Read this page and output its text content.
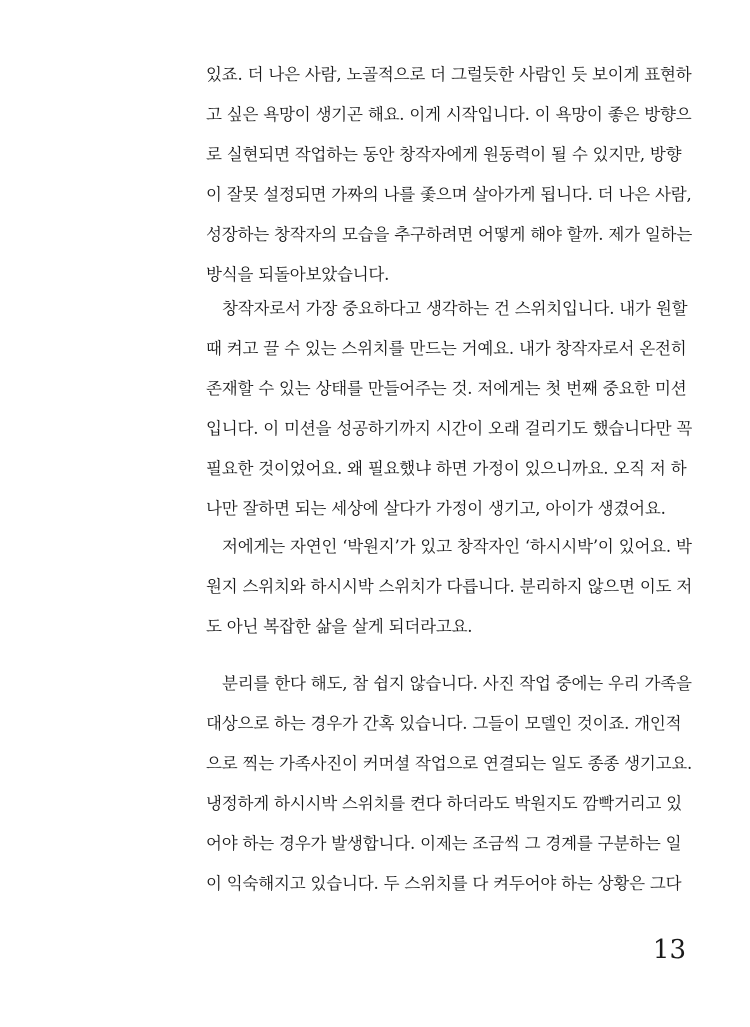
있죠. 더 나은 사람, 노골적으로 더 그럴듯한 사람인 듯 보이게 표현하
고 싶은 욕망이 생기곤 해요. 이게 시작입니다. 이 욕망이 좋은 방향으
로 실현되면 작업하는 동안 창작자에게 원동력이 될 수 있지만, 방향
이 잘못 설정되면 가짜의 나를 좇으며 살아가게 됩니다. 더 나은 사람,
성장하는 창작자의 모습을 추구하려면 어떻게 해야 할까. 제가 일하는
방식을 되돌아보았습니다.
창작자로서 가장 중요하다고 생각하는 건 스위치입니다. 내가 원할
때 켜고 끌 수 있는 스위치를 만드는 거예요. 내가 창작자로서 온전히
존재할 수 있는 상태를 만들어주는 것. 저에게는 첫 번째 중요한 미션
입니다. 이 미션을 성공하기까지 시간이 오래 걸리기도 했습니다만 꼭
필요한 것이었어요. 왜 필요했냐 하면 가정이 있으니까요. 오직 저 하
나만 잘하면 되는 세상에 살다가 가정이 생기고, 아이가 생겼어요.
저에게는 자연인 ‘박원지’가 있고 창작자인 ‘하시시박’이 있어요. 박
원지 스위치와 하시시박 스위치가 다릅니다. 분리하지 않으면 이도 저
도 아닌 복잡한 삶을 살게 되더라고요.
분리를 한다 해도, 참 쉽지 않습니다. 사진 작업 중에는 우리 가족을
대상으로 하는 경우가 간혹 있습니다. 그들이 모델인 것이죠. 개인적
으로 찍는 가족사진이 커머셜 작업으로 연결되는 일도 종종 생기고요.
냉정하게 하시시박 스위치를 켠다 하더라도 박원지도 깜빡거리고 있
어야 하는 경우가 발생합니다. 이제는 조금씩 그 경계를 구분하는 일
이 익숙해지고 있습니다. 두 스위치를 다 켜두어야 하는 상황은 그다
13
